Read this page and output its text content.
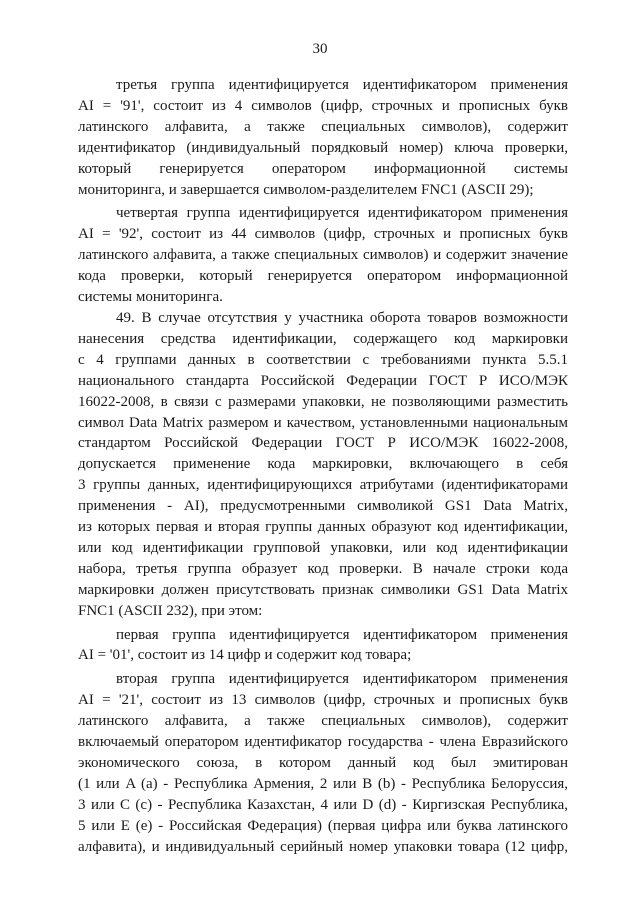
30
третья группа идентифицируется идентификатором применения
AI = '91', состоит из 4 символов (цифр, строчных и прописных букв
латинского алфавита, а также специальных символов), содержит
идентификатор (индивидуальный порядковый номер) ключа проверки,
который генерируется оператором информационной системы
мониторинга, и завершается символом-разделителем FNC1 (ASCII 29);
четвертая группа идентифицируется идентификатором применения
AI = '92', состоит из 44 символов (цифр, строчных и прописных букв
латинского алфавита, а также специальных символов) и содержит значение
кода проверки, который генерируется оператором информационной
системы мониторинга.
49. В случае отсутствия у участника оборота товаров возможности
нанесения средства идентификации, содержащего код маркировки
с 4 группами данных в соответствии с требованиями пункта 5.5.1
национального стандарта Российской Федерации ГОСТ Р ИСО/МЭК
16022-2008, в связи с размерами упаковки, не позволяющими разместить
символ Data Matrix размером и качеством, установленными национальным
стандартом Российской Федерации ГОСТ Р ИСО/МЭК 16022-2008,
допускается применение кода маркировки, включающего в себя
3 группы данных, идентифицирующихся атрибутами (идентификаторами
применения - AI), предусмотренными символикой GS1 Data Matrix,
из которых первая и вторая группы данных образуют код идентификации,
или код идентификации групповой упаковки, или код идентификации
набора, третья группа образует код проверки. В начале строки кода
маркировки должен присутствовать признак символики GS1 Data Matrix
FNC1 (ASCII 232), при этом:
первая группа идентифицируется идентификатором применения
AI = '01', состоит из 14 цифр и содержит код товара;
вторая группа идентифицируется идентификатором применения
AI = '21', состоит из 13 символов (цифр, строчных и прописных букв
латинского алфавита, а также специальных символов), содержит
включаемый оператором идентификатор государства - члена Евразийского
экономического союза, в котором данный код был эмитирован
(1 или A (a) - Республика Армения, 2 или B (b) - Республика Белоруссия,
3 или C (c) - Республика Казахстан, 4 или D (d) - Киргизская Республика,
5 или E (e) - Российская Федерация) (первая цифра или буква латинского
алфавита), и индивидуальный серийный номер упаковки товара (12 цифр,
